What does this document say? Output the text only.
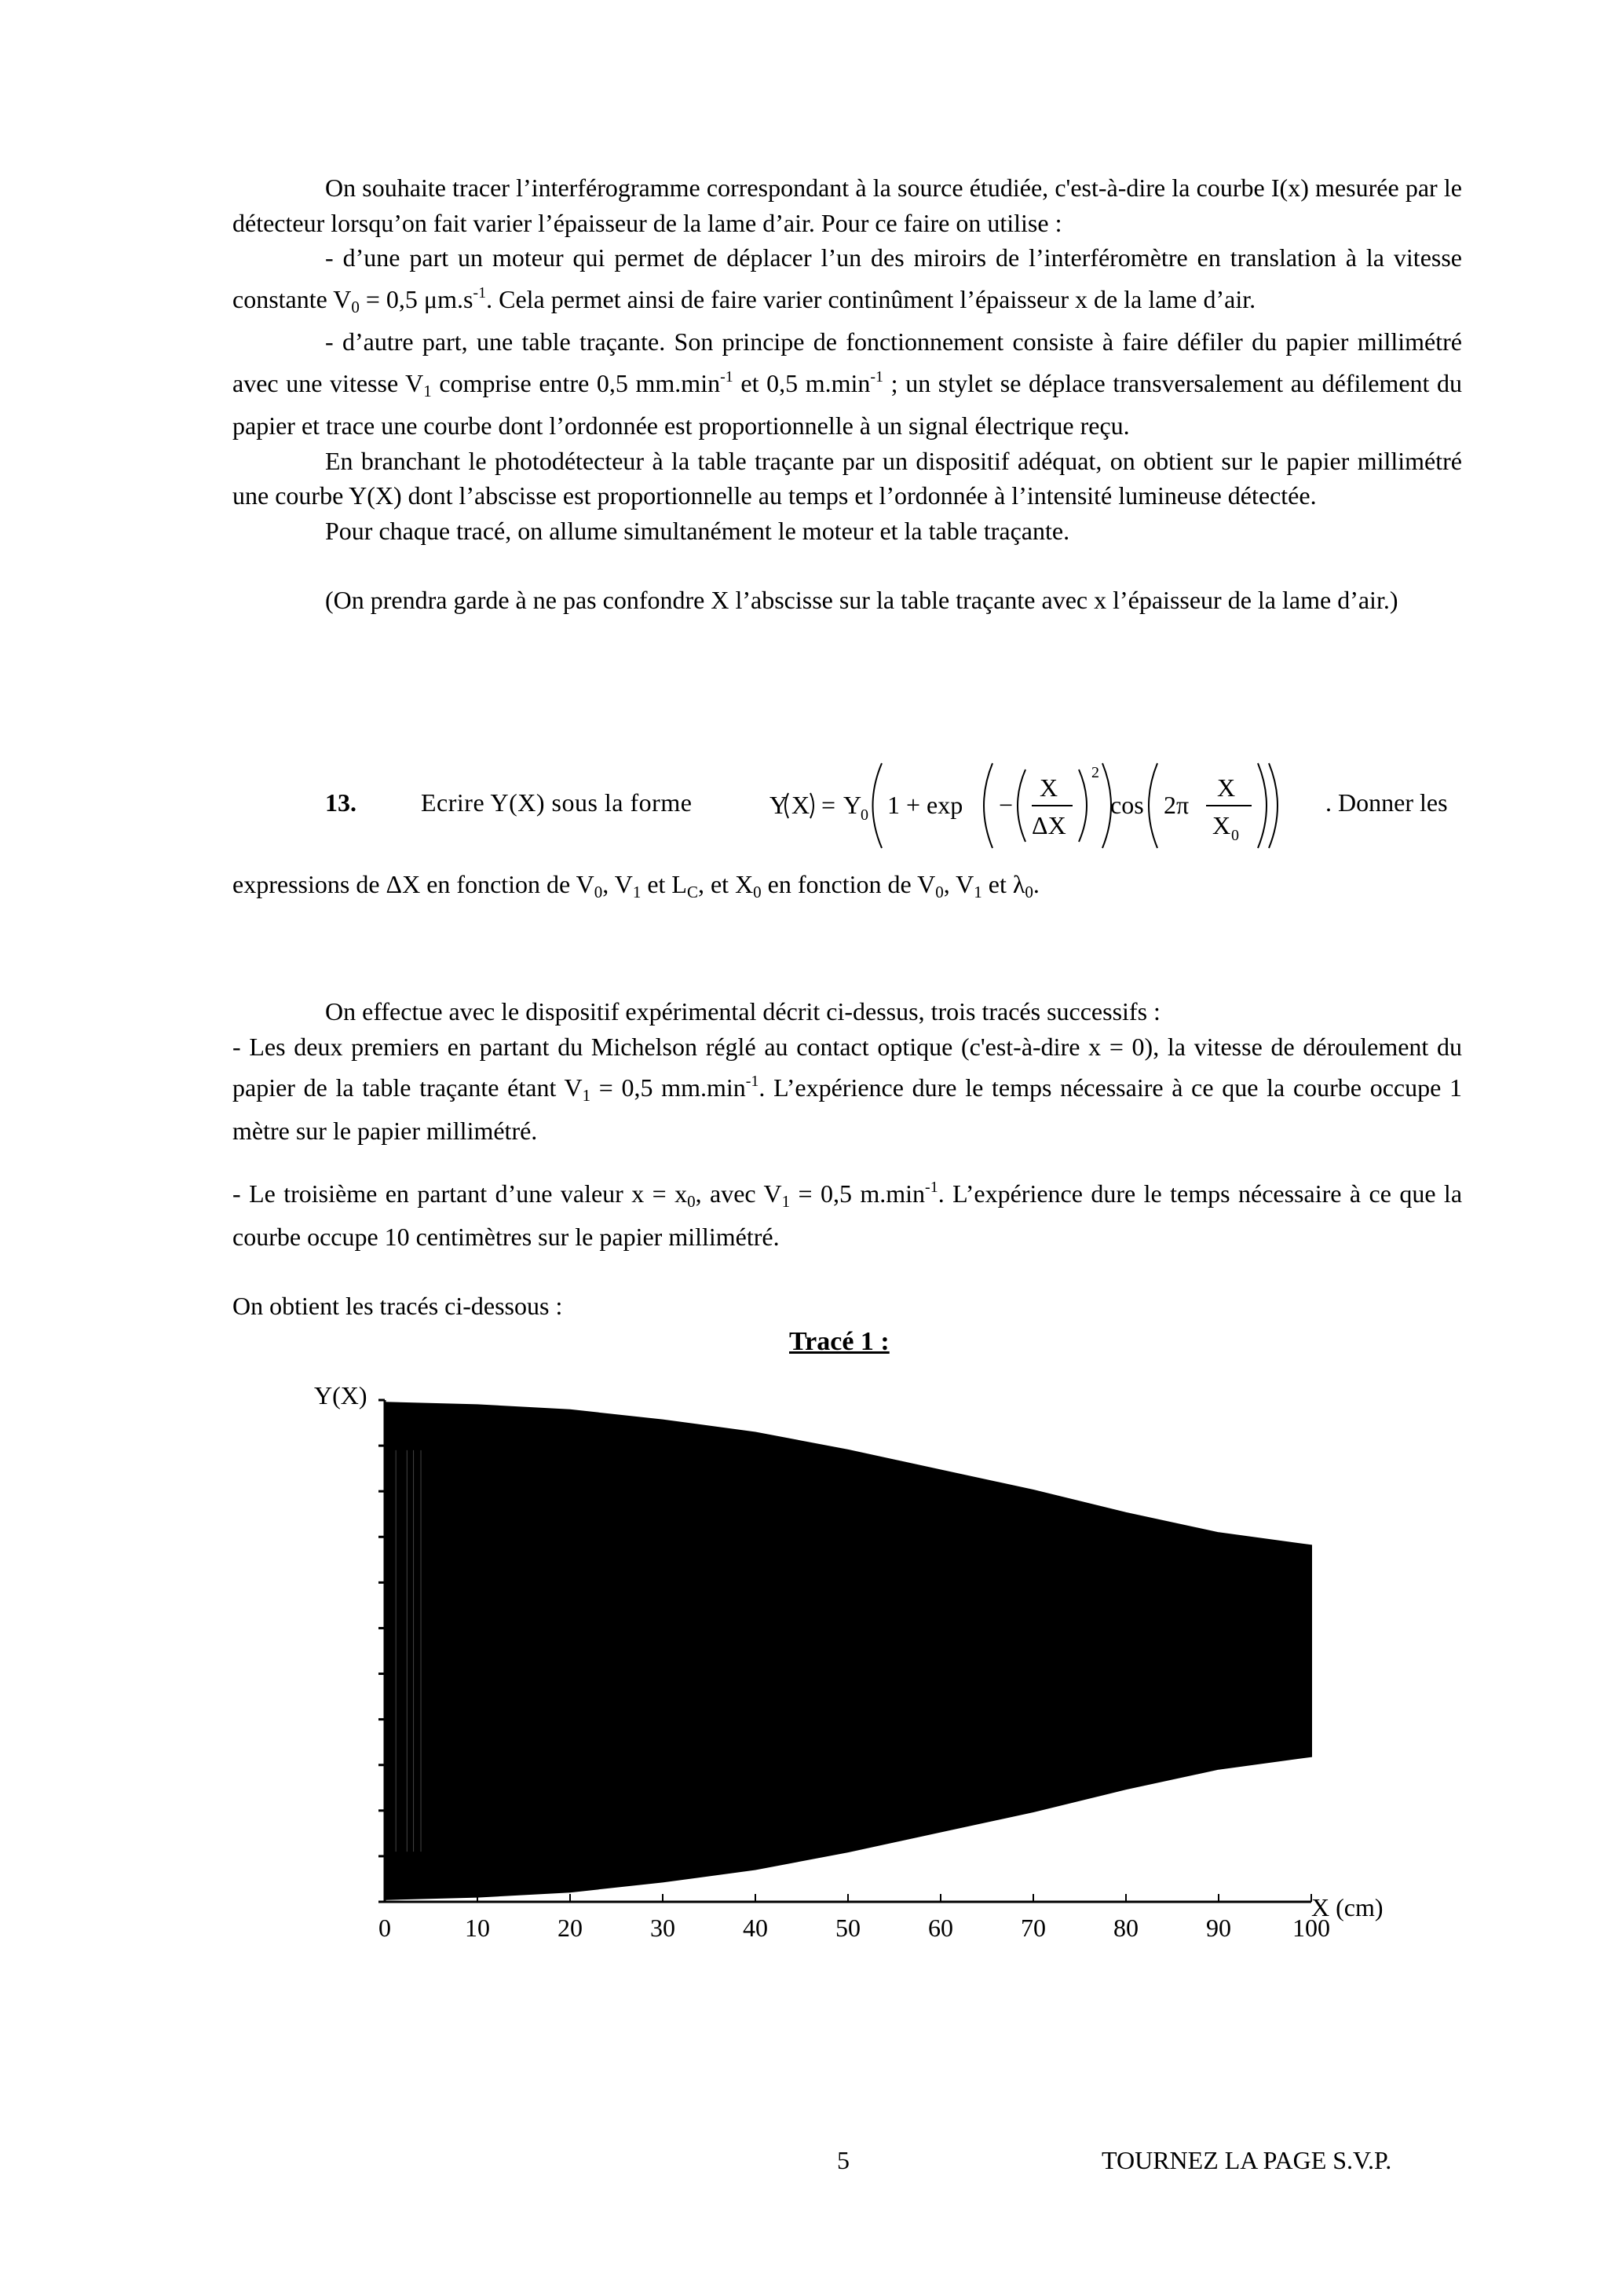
On souhaite tracer l’interférogramme correspondant à la source étudiée, c'est-à-dire la courbe I(x) mesurée par le détecteur lorsqu’on fait varier l’épaisseur de la lame d’air. Pour ce faire on utilise :

- d’une part un moteur qui permet de déplacer l’un des miroirs de l’interféromètre en translation à la vitesse constante $V_0 = 0,5$ $\mu m.s^{-1}$. Cela permet ainsi de faire varier continûment l’épaisseur x de la lame d’air.

- d’autre part, une table traçante. Son principe de fonctionnement consiste à faire défiler du papier millimétré avec une vitesse $V_1$ comprise entre 0,5 $mm.\min^{-1}$ et 0,5 $m.\min^{-1}$ ; un stylet se déplace transversalement au défilement du papier et trace une courbe dont l’ordonnée est proportionnelle à un signal électrique reçu.

En branchant le photodétecteur à la table traçante par un dispositif adéquat, on obtient sur le papier millimétré une courbe Y(X) dont l’abscisse est proportionnelle au temps et l’ordonnée à l’intensité lumineuse détectée.

Pour chaque tracé, on allume simultanément le moteur et la table traçante.

(On prendra garde à ne pas confondre X l’abscisse sur la table traçante avec x l’épaisseur de la lame d’air.)

13.	Ecrire Y(X) sous la forme	Y X = Y
0 1 + exp −
X
ΔX
2
cos 2π
X
X 0
. Donner les

expressions de ΔX en fonction de $V_0$, $V_1$ et $L_C$, et $X_0$ en fonction de $V_0$, $V_1$ et $\lambda_0$.

On effectue avec le dispositif expérimental décrit ci-dessus, trois tracés successifs :

- Les deux premiers en partant du Michelson réglé au contact optique (c'est-à-dire x = 0), la vitesse de déroulement du papier de la table traçante étant $V_1 = 0,5$ $mm.\min^{-1}$. L’expérience dure le temps nécessaire à ce que la courbe occupe 1 mètre sur le papier millimétré.

- Le troisième en partant d’une valeur $x = x_0$, avec $V_1 = 0,5$ $m.\min^{-1}$. L’expérience dure le temps nécessaire à ce que la courbe occupe 10 centimètres sur le papier millimétré.

On obtient les tracés ci-dessous :

Tracé 1 :
Y(X)
X (cm)
0	10	20	30	40	50	60	70	80	90 100
5	TOURNEZ LA PAGE S.V.P.
